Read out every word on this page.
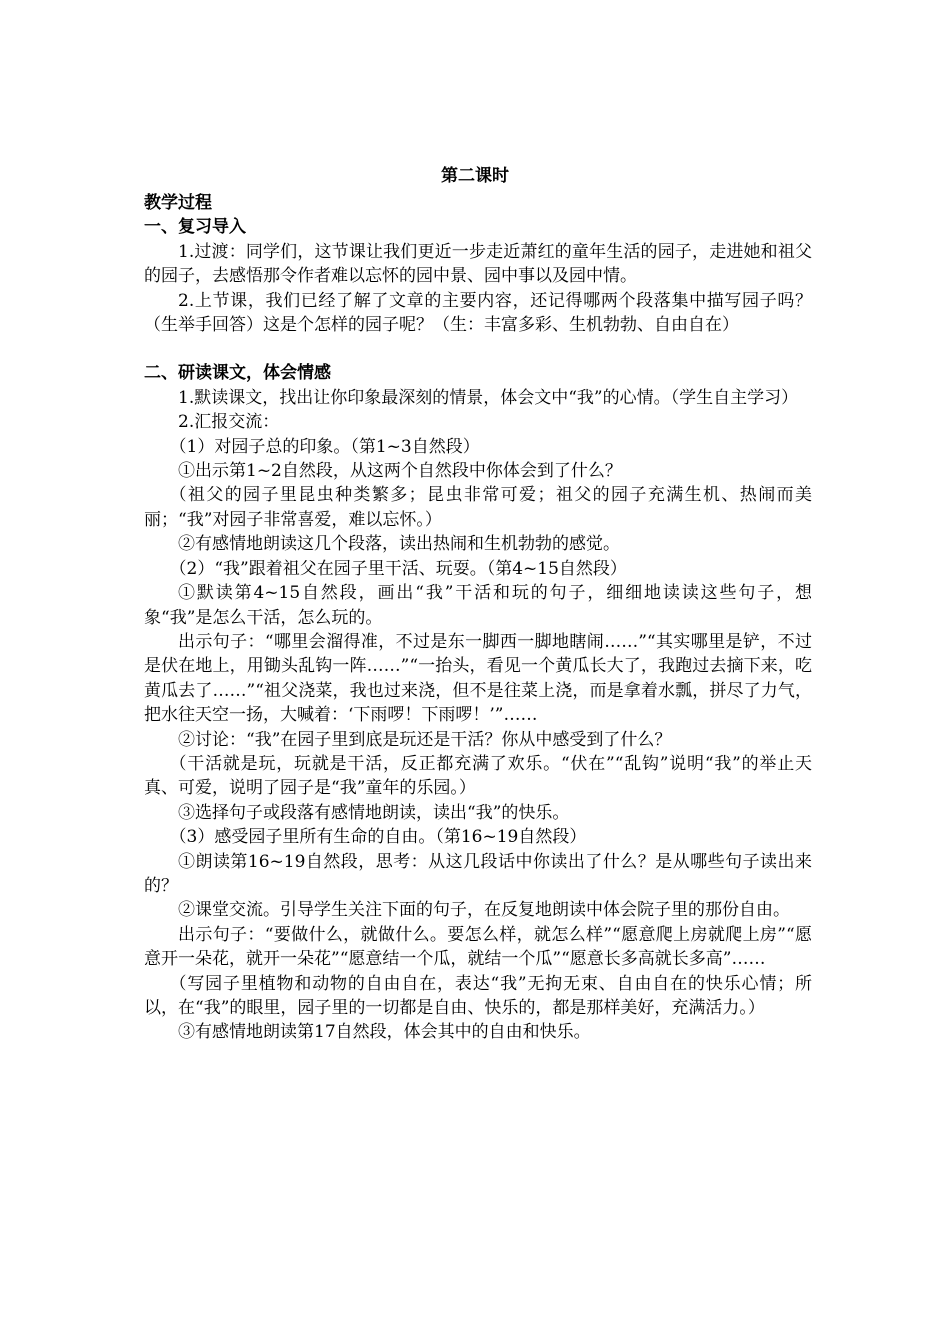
第二课时

教学过程

一、复习导入

1.过渡：同学们，这节课让我们更近一步走近萧红的童年生活的园子，走进她和祖父的园子，去感悟那令作者难以忘怀的园中景、园中事以及园中情。

2.上节课，我们已经了解了文章的主要内容，还记得哪两个段落集中描写园子吗？（生举手回答）这是个怎样的园子呢？（生：丰富多彩、生机勃勃、自由自在）

二、研读课文，体会情感

1.默读课文，找出让你印象最深刻的情景，体会文中“我”的心情。（学生自主学习）

2.汇报交流：

（1）对园子总的印象。（第1~3自然段）

①出示第1~2自然段，从这两个自然段中你体会到了什么？

（祖父的园子里昆虫种类繁多；昆虫非常可爱；祖父的园子充满生机、热闹而美丽；“我”对园子非常喜爱，难以忘怀。）

②有感情地朗读这几个段落，读出热闹和生机勃勃的感觉。

（2）“我”跟着祖父在园子里干活、玩耍。（第4~15自然段）

①默读第4~15自然段，画出“我”干活和玩的句子，细细地读读这些句子，想象“我”是怎么干活，怎么玩的。

出示句子：“哪里会溜得准，不过是东一脚西一脚地瞎闹……”“其实哪里是铲，不过是伏在地上，用锄头乱钩一阵……”“一抬头，看见一个黄瓜长大了，我跑过去摘下来，吃黄瓜去了……”“祖父浇菜，我也过来浇，但不是往菜上浇，而是拿着水瓢，拼尽了力气，把水往天空一扬，大喊着：‘下雨啰！下雨啰！’”……

②讨论：“我”在园子里到底是玩还是干活？你从中感受到了什么？

（干活就是玩，玩就是干活，反正都充满了欢乐。“伏在”“乱钩”说明“我”的举止天真、可爱，说明了园子是“我”童年的乐园。）

③选择句子或段落有感情地朗读，读出“我”的快乐。

（3）感受园子里所有生命的自由。（第16~19自然段）

①朗读第16~19自然段，思考：从这几段话中你读出了什么？是从哪些句子读出来的？

②课堂交流。引导学生关注下面的句子，在反复地朗读中体会院子里的那份自由。

出示句子：“要做什么，就做什么。要怎么样，就怎么样”“愿意爬上房就爬上房”“愿意开一朵花，就开一朵花”“愿意结一个瓜，就结一个瓜”“愿意长多高就长多高”……

（写园子里植物和动物的自由自在，表达“我”无拘无束、自由自在的快乐心情；所以，在“我”的眼里，园子里的一切都是自由、快乐的，都是那样美好，充满活力。）

③有感情地朗读第17自然段，体会其中的自由和快乐。
